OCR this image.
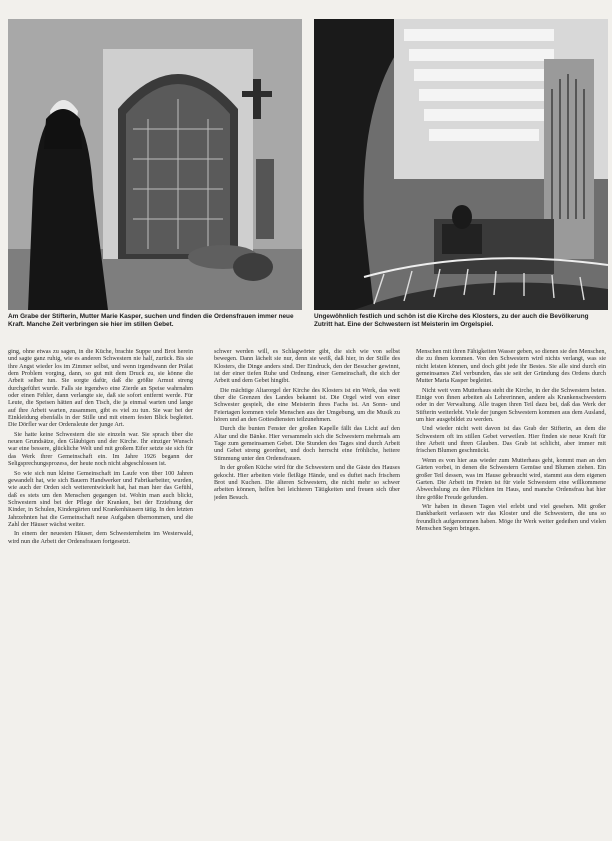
Am Grabe der Stifterin, Mutter Marie Kasper, suchen und finden die Ordensfrauen immer neue Kraft. Manche Zeit verbringen sie hier im stillen Gebet.
Ungewöhnlich festlich und schön ist die Kirche des Klosters, zu der auch die Bevölkerung Zutritt hat. Eine der Schwestern ist Meisterin im Orgelspiel.

ging, ohne etwas zu sagen, in die Küche, brachte Suppe und Brot herein und sagte ganz ruhig, wie es anderen Schwestern nie half, zurück. Bis sie ihre Angst wieder los im Zimmer selbst, und wenn irgendwann der Prälat dem Problem vorging, dann, so gut mit dem Druck zu, sie könne die Arbeit selber tun. Sie sorgte dafür, daß die größte Armut streng durchgeführt wurde. Falls sie irgendwo eine Zierde an Speise wahrnahm oder einen Fehler, dann verlangte sie, daß sie sofort entfernt werde. Für Leute, die Speisen hätten auf den Tisch, die ja einmal warten und lange auf ihre Arbeit warten, zusammen, gibt es viel zu tun. Sie war bei der Einkleidung ebenfalls in der Stille und mit einem festen Blick begleitet. Die Dörfler war der Ordensleute der junge Art.

Sie hatte keine Schwestern die sie einzeln war. Sie sprach über die neuen Grundsätze, den Gläubigen und der Kirche. Ihr einziger Wunsch war eine bessere, glückliche Welt und mit großem Eifer setzte sie sich für das Werk ihrer Gemeinschaft ein. Im Jahre 1926 begann der Seligsprechungsprozess, der heute noch nicht abgeschlossen ist.

So wie sich nun kleine Gemeinschaft im Laufe von über 100 Jahren gewandelt hat, wie sich Bauern Handwerker und Fabrikarbeiter, wurden, wie auch der Orden sich weiterentwickelt hat, hat man hier das Gefühl, daß es stets um den Menschen gegangen ist. Wohin man auch blickt, Schwestern sind bei der Pflege der Kranken, bei der Erziehung der Kinder, in Schulen, Kindergärten und Krankenhäusern tätig. In den letzten Jahrzehnten hat die Gemeinschaft neue Aufgaben übernommen, und die Zahl der Häuser wächst weiter.

In einem der neuesten Häuser, dem Schwesternheim im Westerwald, wird nun die Arbeit der Ordensfrauen fortgesetzt.

schwer werden will, es Schlagwörter gibt, die sich wie von selbst bewegen. Dann lächelt sie nur, denn sie weiß, daß hier, in der Stille des Klosters, die Dinge anders sind. Der Eindruck, den der Besucher gewinnt, ist der einer tiefen Ruhe und Ordnung, einer Gemeinschaft, die sich der Arbeit und dem Gebet hingibt.

Die mächtige Altarorgel der Kirche des Klosters ist ein Werk, das weit über die Grenzen des Landes bekannt ist. Die Orgel wird von einer Schwester gespielt, die eine Meisterin ihres Fachs ist. An Sonn- und Feiertagen kommen viele Menschen aus der Umgebung, um die Musik zu hören und an den Gottesdiensten teilzunehmen.

Durch die bunten Fenster der großen Kapelle fällt das Licht auf den Altar und die Bänke. Hier versammeln sich die Schwestern mehrmals am Tage zum gemeinsamen Gebet. Die Stunden des Tages sind durch Arbeit und Gebet streng geordnet, und doch herrscht eine fröhliche, heitere Stimmung unter den Ordensfrauen.

In der großen Küche wird für die Schwestern und die Gäste des Hauses gekocht. Hier arbeiten viele fleißige Hände, und es duftet nach frischem Brot und Kuchen. Die älteren Schwestern, die nicht mehr so schwer arbeiten können, helfen bei leichteren Tätigkeiten und freuen sich über jeden Besuch.

Menschen mit ihren Fähigkeiten Wasser geben, so dienen sie den Menschen, die zu ihnen kommen. Von den Schwestern wird nichts verlangt, was sie nicht leisten können, und doch gibt jede ihr Bestes. Sie alle sind durch ein gemeinsames Ziel verbunden, das sie seit der Gründung des Ordens durch Mutter Maria Kasper begleitet.

Nicht weit vom Mutterhaus steht die Kirche, in der die Schwestern beten. Einige von ihnen arbeiten als Lehrerinnen, andere als Krankenschwestern oder in der Verwaltung. Alle tragen ihren Teil dazu bei, daß das Werk der Stifterin weiterlebt. Viele der jungen Schwestern kommen aus dem Ausland, um hier ausgebildet zu werden.

Und wieder nicht weit davon ist das Grab der Stifterin, an dem die Schwestern oft im stillen Gebet verweilen. Hier finden sie neue Kraft für ihre Arbeit und ihren Glauben. Das Grab ist schlicht, aber immer mit frischen Blumen geschmückt.

Wenn es von hier aus wieder zum Mutterhaus geht, kommt man an den Gärten vorbei, in denen die Schwestern Gemüse und Blumen ziehen. Ein großer Teil dessen, was im Hause gebraucht wird, stammt aus dem eigenen Garten. Die Arbeit im Freien ist für viele Schwestern eine willkommene Abwechslung zu den Pflichten im Haus, und manche Ordensfrau hat hier ihre größte Freude gefunden.

Wir haben in diesen Tagen viel erlebt und viel gesehen. Mit großer Dankbarkeit verlassen wir das Kloster und die Schwestern, die uns so freundlich aufgenommen haben. Möge ihr Werk weiter gedeihen und vielen Menschen Segen bringen.
